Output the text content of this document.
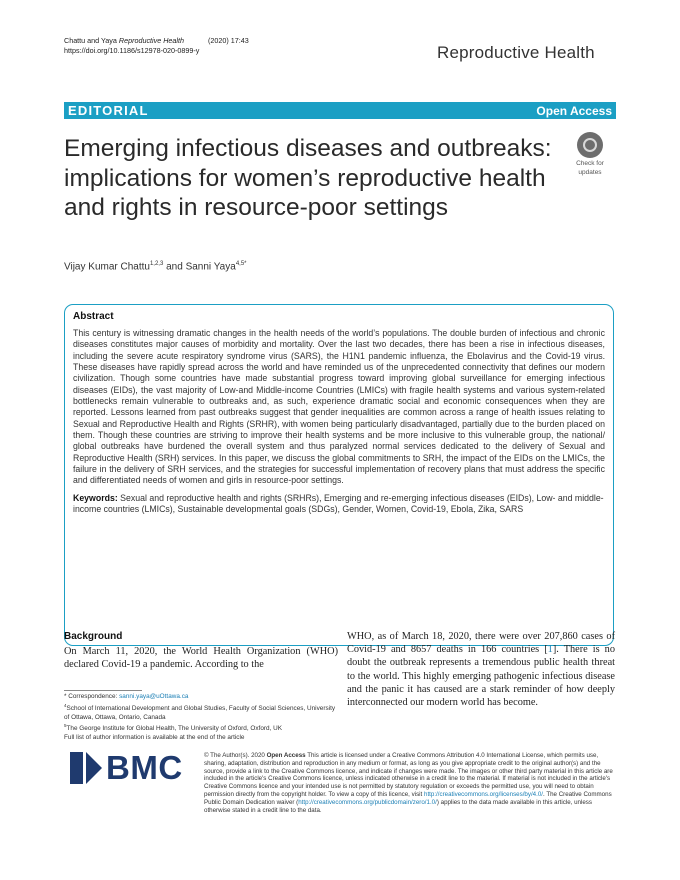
Chattu and Yaya Reproductive Health	(2020) 17:43
https://doi.org/10.1186/s12978-020-0899-y	Reproductive Health
EDITORIAL	Open Access
Emerging infectious diseases and outbreaks: implications for women’s reproductive health and rights in resource-poor settings
Check for
updates
Vijay Kumar Chattu$^{1,2,3}$ and Sanni Yaya$^{4,5*}$
Abstract
This century is witnessing dramatic changes in the health needs of the world’s populations. The double burden of infectious and chronic diseases constitutes major causes of morbidity and mortality. Over the last two decades, there has been a rise in infectious diseases, including the severe acute respiratory syndrome virus (SARS), the H1N1 pandemic influenza, the Ebolavirus and the Covid-19 virus. These diseases have rapidly spread across the world and have reminded us of the unprecedented connectivity that defines our modern civilization. Though some countries have made substantial progress toward improving global surveillance for emerging infectious diseases (EIDs), the vast majority of Low-and Middle-income Countries (LMICs) with fragile health systems and various system-related bottlenecks remain vulnerable to outbreaks and, as such, experience dramatic social and economic consequences when they are reported. Lessons learned from past outbreaks suggest that gender inequalities are common across a range of health issues relating to Sexual and Reproductive Health and Rights (SRHR), with women being particularly disadvantaged, partially due to the burden placed on them. Though these countries are striving to improve their health systems and be more inclusive to this vulnerable group, the national/ global outbreaks have burdened the overall system and thus paralyzed normal services dedicated to the delivery of Sexual and Reproductive Health (SRH) services. In this paper, we discuss the global commitments to SRH, the impact of the EIDs on the LMICs, the failure in the delivery of SRH services, and the strategies for successful implementation of recovery plans that must address the specific and differentiated needs of women and girls in resource-poor settings.
Keywords: Sexual and reproductive health and rights (SRHRs), Emerging and re-emerging infectious diseases (EIDs), Low- and middle-income countries (LMICs), Sustainable developmental goals (SDGs), Gender, Women, Covid-19, Ebola, Zika, SARS
Background
On March 11, 2020, the World Health Organization (WHO) declared Covid-19 a pandemic. According to the
WHO, as of March 18, 2020, there were over 207,860 cases of Covid-19 and 8657 deaths in 166 countries [1]. There is no doubt the outbreak represents a tremendous public health threat to the world. This highly emerging pathogenic infectious disease and the panic it has caused are a stark reminder of how deeply interconnected our modern world has become.
* Correspondence: sanni.yaya@uOttawa.ca
$^4$School of International Development and Global Studies, Faculty of Social Sciences, University of Ottawa, Ottawa, Ontario, Canada
$^5$The George Institute for Global Health, The University of Oxford, Oxford, UK
Full list of author information is available at the end of the article
BMC	© The Author(s). 2020 Open Access This article is licensed under a Creative Commons Attribution 4.0 International License, which permits use, sharing, adaptation, distribution and reproduction in any medium or format, as long as you give appropriate credit to the original author(s) and the source, provide a link to the Creative Commons licence, and indicate if changes were made. The images or other third party material in this article are included in the article's Creative Commons licence, unless indicated otherwise in a credit line to the material. If material is not included in the article's Creative Commons licence and your intended use is not permitted by statutory regulation or exceeds the permitted use, you will need to obtain permission directly from the copyright holder. To view a copy of this licence, visit http://creativecommons.org/licenses/by/4.0/. The Creative Commons Public Domain Dedication waiver (http://creativecommons.org/publicdomain/zero/1.0/) applies to the data made available in this article, unless otherwise stated in a credit line to the data.
